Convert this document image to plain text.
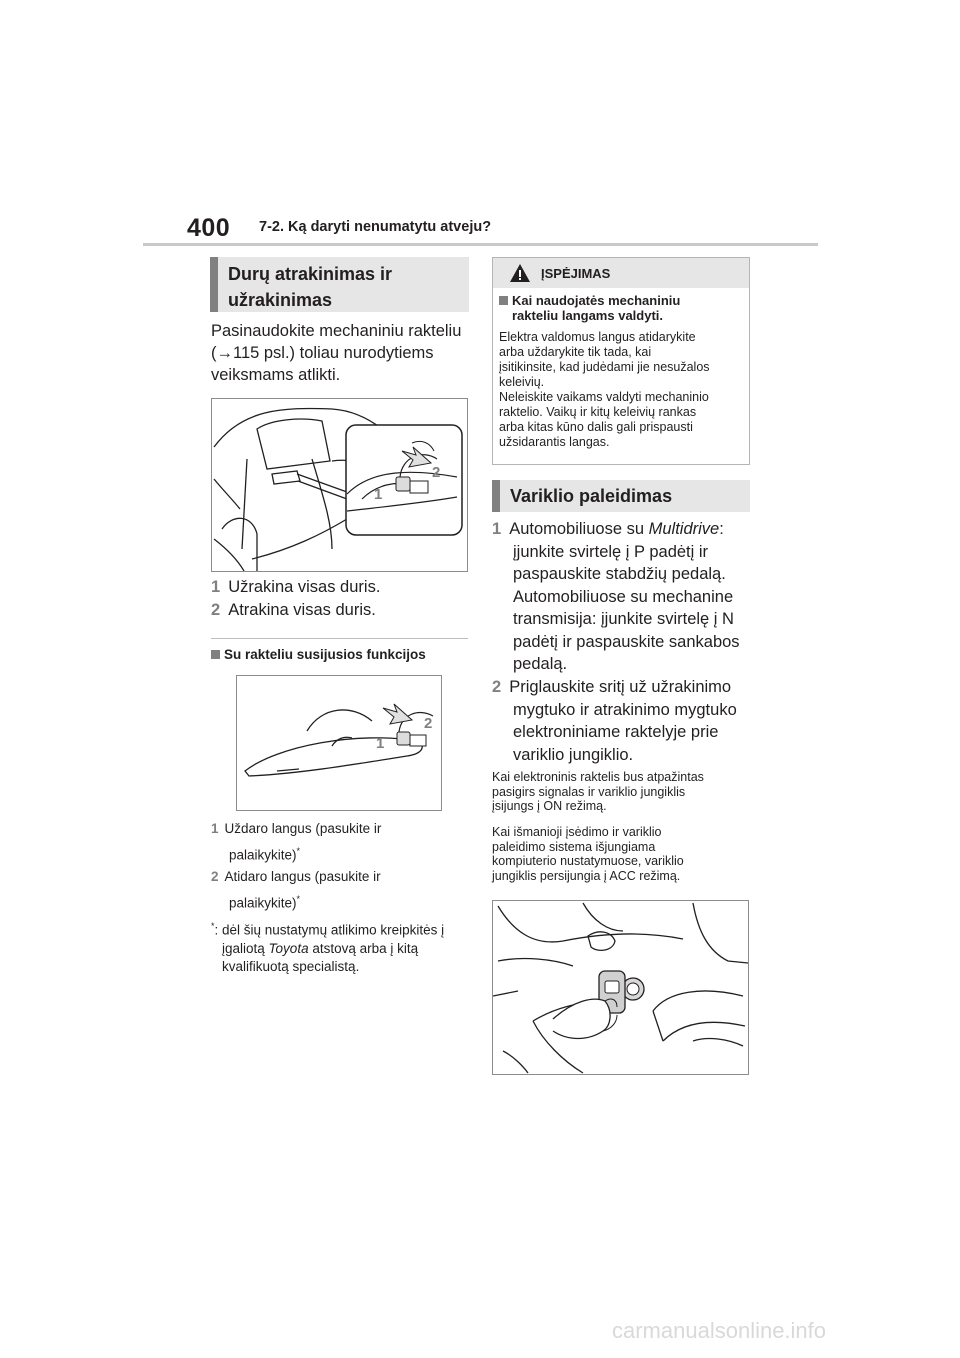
400 7-2. Ką daryti nenumatytu atveju?
Durų atrakinimas ir užrakinimas
Pasinaudokite mechaniniu rakteliu
(→115 psl.) toliau nurodytiems
veiksmams atlikti.
1
2
1 Užrakina visas duris.
2 Atrakina visas duris.
Su rakteliu susijusios funkcijos
1
2
1 Uždaro langus (pasukite ir
palaikykite)*
2 Atidaro langus (pasukite ir
palaikykite)*
*: dėl šių nustatymų atlikimo kreipkitės į
įgaliotą Toyota atstovą arba į kitą
kvalifikuotą specialistą.
ĮSPĖJIMAS
Kai naudojatės mechaniniu
rakteliu langams valdyti.
Elektra valdomus langus atidarykite
arba uždarykite tik tada, kai
įsitikinsite, kad judėdami jie nesužalos
keleivių.
Neleiskite vaikams valdyti mechaninio
raktelio. Vaikų ir kitų keleivių rankas
arba kitas kūno dalis gali prispausti
užsidarantis langas.
Variklio paleidimas
1 Automobiliuose su Multidrive:
įjunkite svirtelę į P padėtį ir
paspauskite stabdžių pedalą.
Automobiliuose su mechanine
transmisija: įjunkite svirtelę į N
padėtį ir paspauskite sankabos
pedalą.
2 Priglauskite sritį už užrakinimo
mygtuko ir atrakinimo mygtuko
elektroniniame raktelyje prie
variklio jungiklio.
Kai elektroninis raktelis bus atpažintas
pasigirs signalas ir variklio jungiklis
įsijungs į ON režimą.
Kai išmanioji įsėdimo ir variklio
paleidimo sistema išjungiama
kompiuterio nustatymuose, variklio
jungiklis persijungia į ACC režimą.
carmanualsonline.info
